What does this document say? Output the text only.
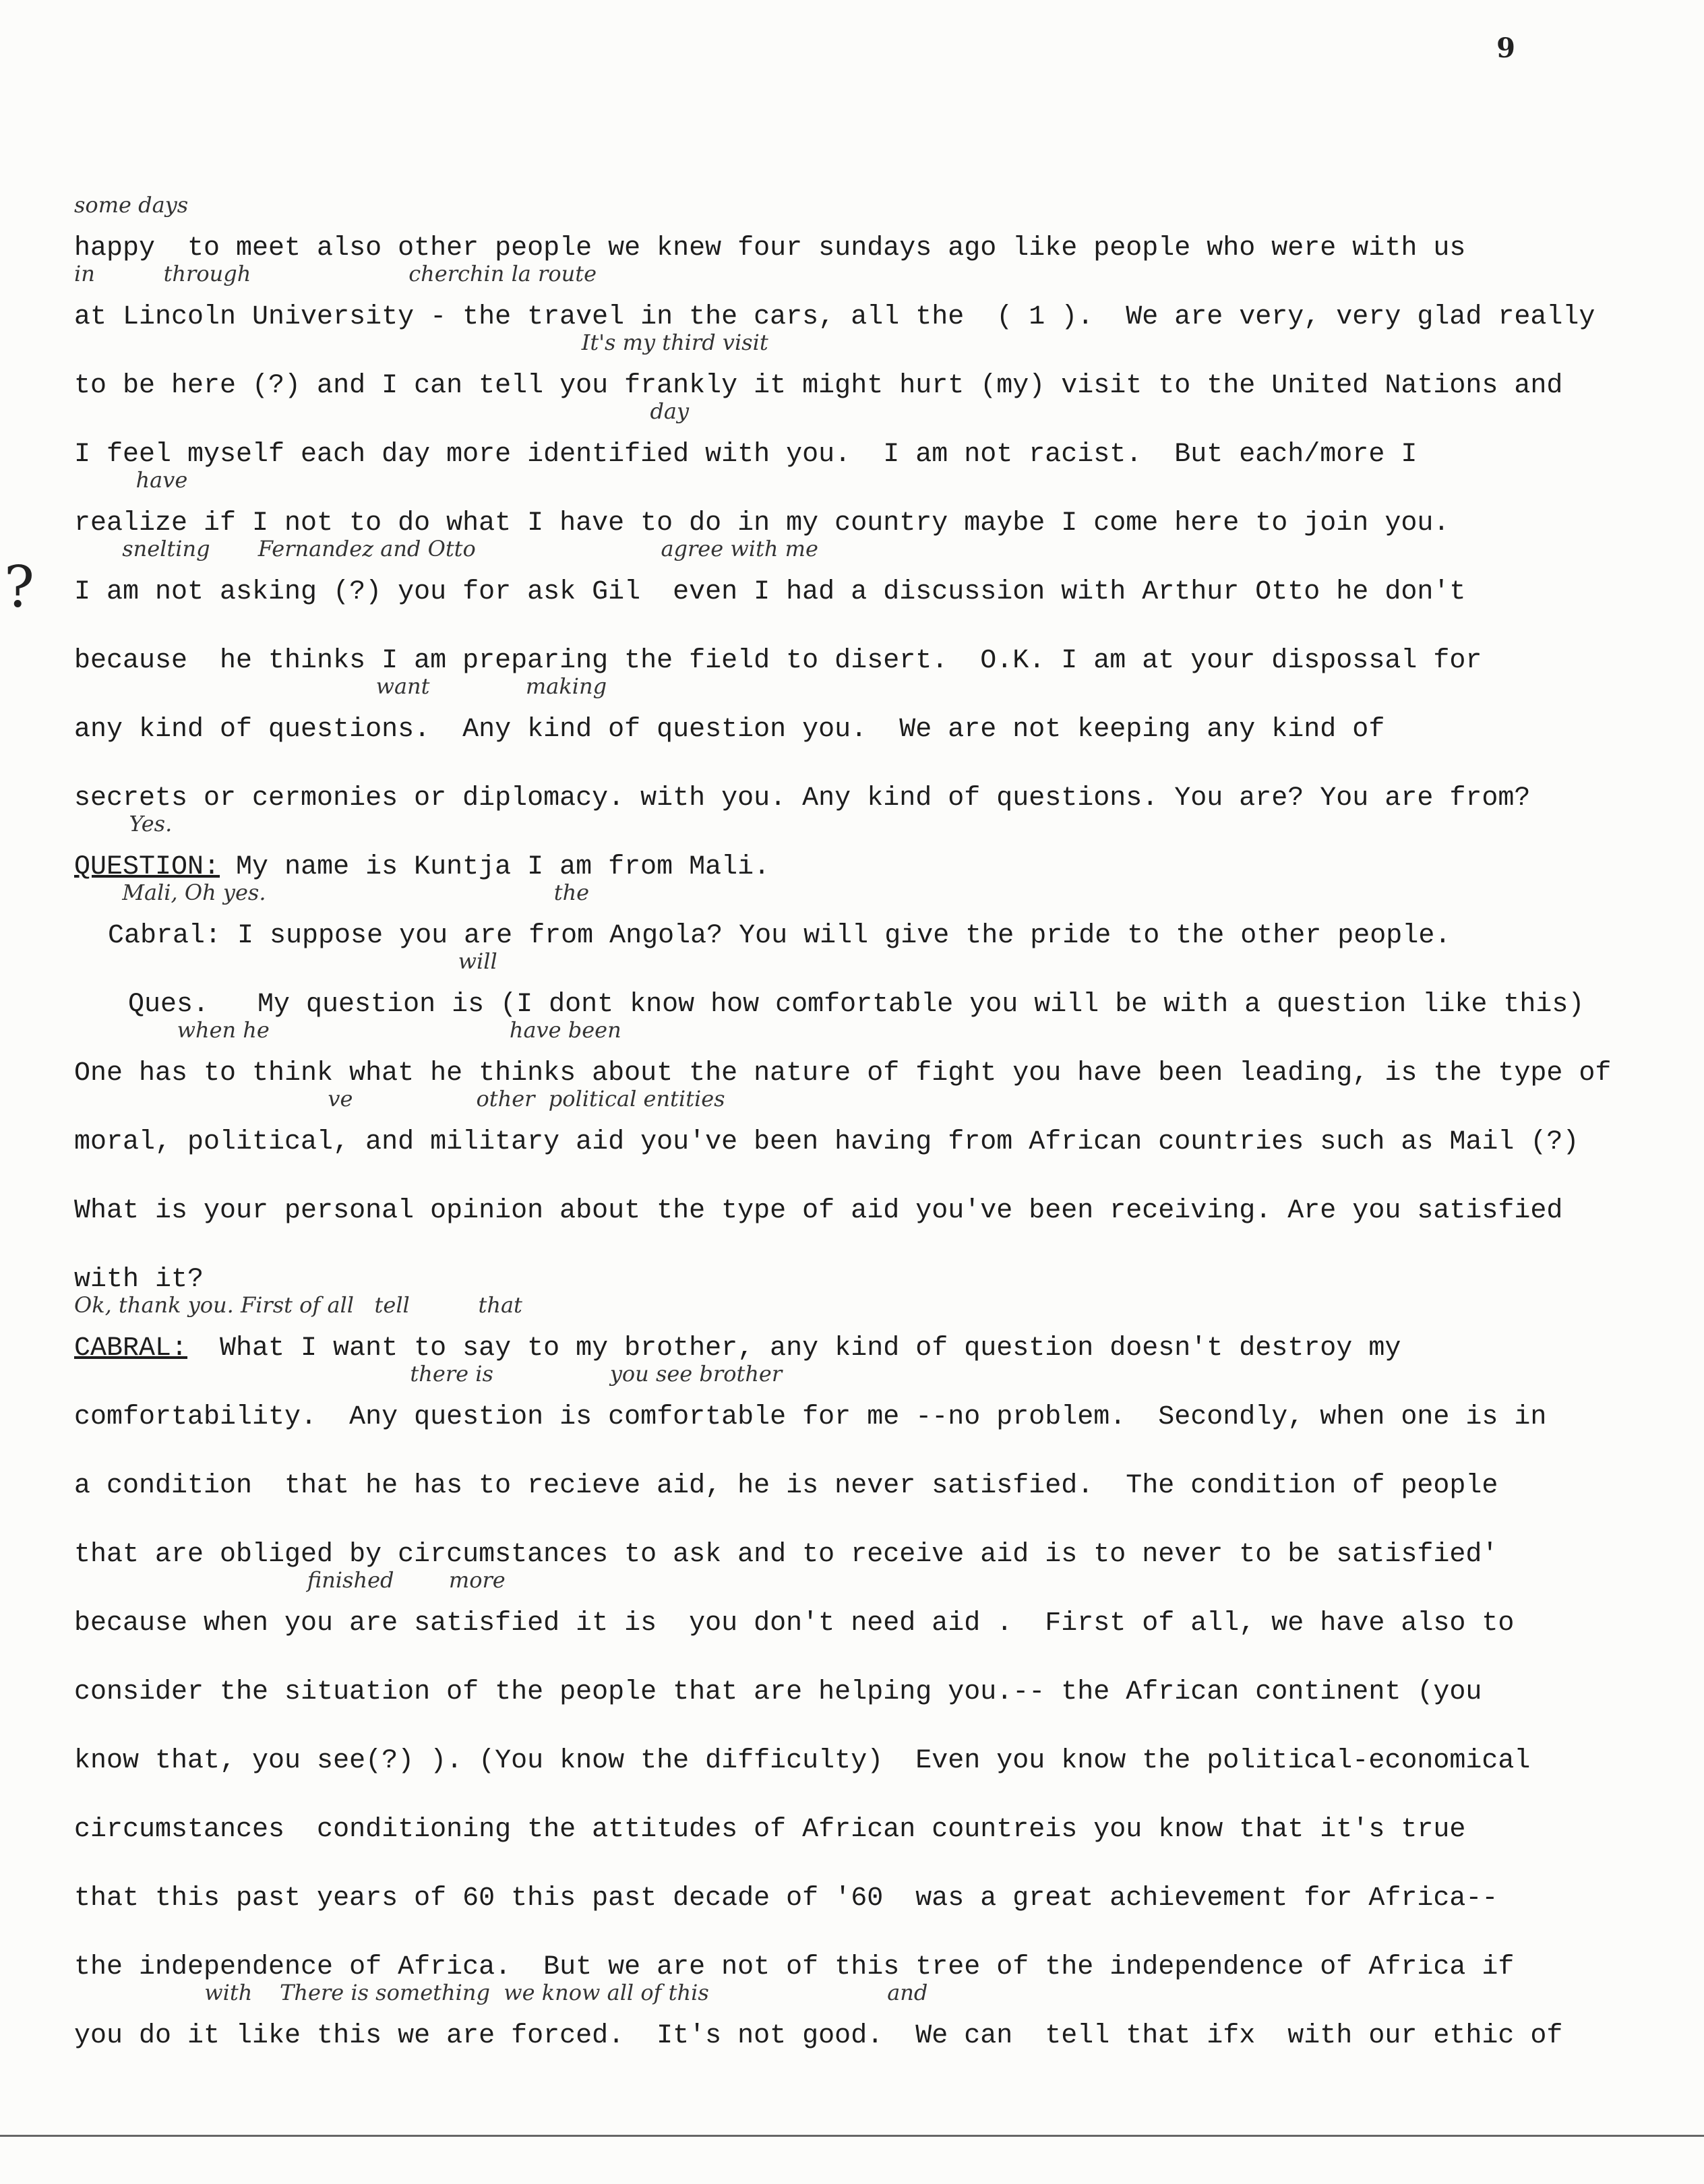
9
?
some days
happy  to meet also other people we knew four sundays ago like people who were with us
in          through                       cherchin la route
at Lincoln University - the travel in the cars, all the  ( 1 ).  We are very, very glad really
It's my third visit
to be here (?) and I can tell you frankly it might hurt (my) visit to the United Nations and
day
I feel myself each day more identified with you.  I am not racist.  But each/more I
have
realize if I not to do what I have to do in my country maybe I come here to join you.
snelting       Fernandez and Otto                           agree with me
I am not asking (?) you for ask Gil  even I had a discussion with Arthur Otto he don't
because  he thinks I am preparing the field to disert.  O.K. I am at your dispossal for
want              making
any kind of questions.  Any kind of question you.  We are not keeping any kind of
secrets or cermonies or diplomacy. with you. Any kind of questions. You are? You are from?
Yes.
QUESTION: My name is Kuntja I am from Mali.
Mali, Oh yes.                                          the
Cabral: I suppose you are from Angola? You will give the pride to the other people.
will
Ques.   My question is (I dont know how comfortable you will be with a question like this)
when he                                   have been
One has to think what he thinks about the nature of fight you have been leading, is the type of
ve                  other  political entities
moral, political, and military aid you've been having from African countries such as Mail (?)
What is your personal opinion about the type of aid you've been receiving. Are you satisfied
with it?
Ok, thank you. First of all   tell          that
CABRAL:  What I want to say to my brother, any kind of question doesn't destroy my
there is                 you see brother
comfortability.  Any question is comfortable for me --no problem.  Secondly, when one is in
a condition  that he has to recieve aid, he is never satisfied.  The condition of people
that are obliged by circumstances to ask and to receive aid is to never to be satisfied'
finished        more
because when you are satisfied it is  you don't need aid .  First of all, we have also to
consider the situation of the people that are helping you.-- the African continent (you
know that, you see(?) ). (You know the difficulty)  Even you know the political-economical
circumstances  conditioning the attitudes of African countreis you know that it's true
that this past years of 60 this past decade of '60  was a great achievement for Africa--
the independence of Africa.  But we are not of this tree of the independence of Africa if
with    There is something  we know all of this                          and
you do it like this we are forced.  It's not good.  We can  tell that ifx  with our ethic of
